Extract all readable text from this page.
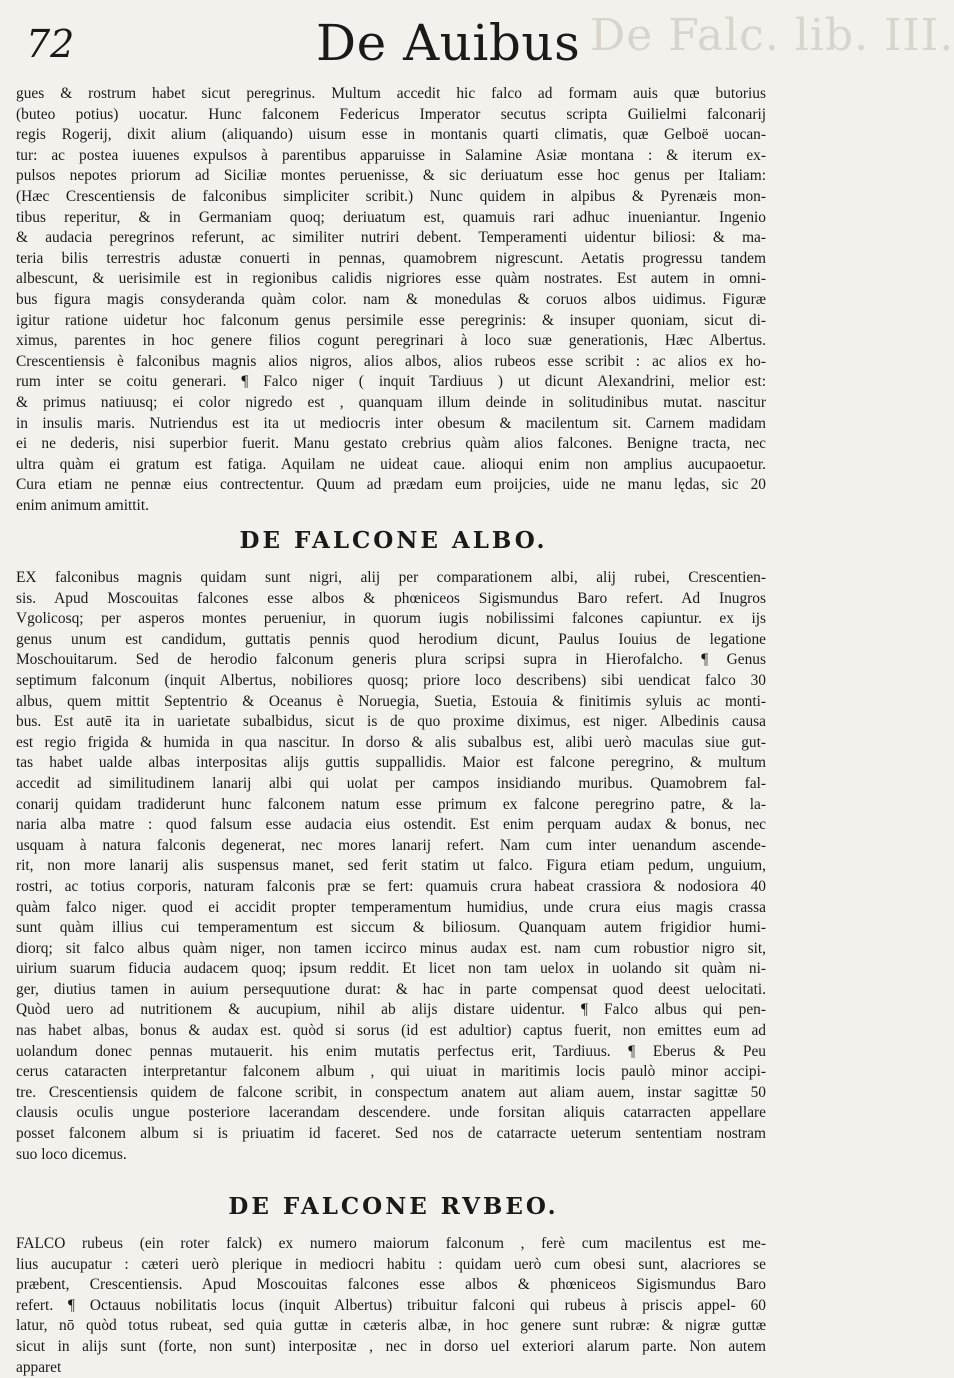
De Falc. lib. III.
72	De Auibus
gues & rostrum habet sicut peregrinus. Multum accedit hic falco ad formam auis quæ butorius
(buteo potius) uocatur. Hunc falconem Federicus Imperator secutus scripta Guilielmi falconarij
regis Rogerij, dixit alium (aliquando) uisum esse in montanis quarti climatis, quæ Gelboë uocan-
tur: ac postea iuuenes expulsos à parentibus apparuisse in Salamine Asiæ montana : & iterum ex-
pulsos nepotes priorum ad Siciliæ montes peruenisse, & sic deriuatum esse hoc genus per Italiam:
(Hæc Crescentiensis de falconibus simpliciter scribit.) Nunc quidem in alpibus & Pyrenæis mon-
tibus reperitur, & in Germaniam quoq; deriuatum est, quamuis rari adhuc inueniantur. Ingenio
& audacia peregrinos referunt, ac similiter nutriri debent. Temperamenti uidentur biliosi: & ma-
teria bilis terrestris adustæ conuerti in pennas, quamobrem nigrescunt. Aetatis progressu tandem
albescunt, & uerisimile est in regionibus calidis nigriores esse quàm nostrates. Est autem in omni-
bus figura magis consyderanda quàm color. nam & monedulas & coruos albos uidimus. Figuræ
igitur ratione uidetur hoc falconum genus persimile esse peregrinis: & insuper quoniam, sicut di-
ximus, parentes in hoc genere filios cogunt peregrinari à loco suæ generationis, Hæc Albertus.
Crescentiensis è falconibus magnis alios nigros, alios albos, alios rubeos esse scribit : ac alios ex ho-
rum inter se coitu generari. ¶ Falco niger ( inquit Tardiuus ) ut dicunt Alexandrini, melior est:
& primus natiuusq; ei color nigredo est , quanquam illum deinde in solitudinibus mutat. nascitur
in insulis maris. Nutriendus est ita ut mediocris inter obesum & macilentum sit. Carnem madidam
ei ne dederis, nisi superbior fuerit. Manu gestato crebrius quàm alios falcones. Benigne tracta, nec
ultra quàm ei gratum est fatiga. Aquilam ne uideat caue. alioqui enim non amplius aucupaoetur.
Cura etiam ne pennæ eius contrectentur. Quum ad prædam eum proijcies, uide ne manu lędas, sic 20
enim animum amittit.
DE FALCONE ALBO.
EX falconibus magnis quidam sunt nigri, alij per comparationem albi, alij rubei, Crescentien-
sis. Apud Moscouitas falcones esse albos & phœniceos Sigismundus Baro refert. Ad Inugros
Vgolicosq; per asperos montes perueniur, in quorum iugis nobilissimi falcones capiuntur. ex ijs
genus unum est candidum, guttatis pennis quod herodium dicunt, Paulus Iouius de legatione
Moschouitarum. Sed de herodio falconum generis plura scripsi supra in Hierofalcho. ¶ Genus
septimum falconum (inquit Albertus, nobiliores quosq; priore loco describens) sibi uendicat falco 30
albus, quem mittit Septentrio & Oceanus è Noruegia, Suetia, Estouia & finitimis syluis ac monti-
bus. Est autē ita in uarietate subalbidus, sicut is de quo proxime diximus, est niger. Albedinis causa
est regio frigida & humida in qua nascitur. In dorso & alis subalbus est, alibi uerò maculas siue gut-
tas habet ualde albas interpositas alijs guttis suppallidis. Maior est falcone peregrino, & multum
accedit ad similitudinem lanarij albi qui uolat per campos insidiando muribus. Quamobrem fal-
conarij quidam tradiderunt hunc falconem natum esse primum ex falcone peregrino patre, & la-
naria alba matre : quod falsum esse audacia eius ostendit. Est enim perquam audax & bonus, nec
usquam à natura falconis degenerat, nec mores lanarij refert. Nam cum inter uenandum ascende-
rit, non more lanarij alis suspensus manet, sed ferit statim ut falco. Figura etiam pedum, unguium,
rostri, ac totius corporis, naturam falconis præ se fert: quamuis crura habeat crassiora & nodosiora 40
quàm falco niger. quod ei accidit propter temperamentum humidius, unde crura eius magis crassa
sunt quàm illius cui temperamentum est siccum & biliosum. Quanquam autem frigidior humi-
diorq; sit falco albus quàm niger, non tamen iccirco minus audax est. nam cum robustior nigro sit,
uirium suarum fiducia audacem quoq; ipsum reddit. Et licet non tam uelox in uolando sit quàm ni-
ger, diutius tamen in auium persequutione durat: & hac in parte compensat quod deest uelocitati.
Quòd uero ad nutritionem & aucupium, nihil ab alijs distare uidentur. ¶ Falco albus qui pen-
nas habet albas, bonus & audax est. quòd si sorus (id est adultior) captus fuerit, non emittes eum ad
uolandum donec pennas mutauerit. his enim mutatis perfectus erit, Tardiuus. ¶ Eberus & Peu
cerus cataracten interpretantur falconem album , qui uiuat in maritimis locis paulò minor accipi-
tre. Crescentiensis quidem de falcone scribit, in conspectum anatem aut aliam auem, instar sagittæ 50
clausis oculis ungue posteriore lacerandam descendere. unde forsitan aliquis catarracten appellare
posset falconem album si is priuatim id faceret. Sed nos de catarracte ueterum sententiam nostram
suo loco dicemus.
DE FALCONE RVBEO.
FALCO rubeus (ein roter falck) ex numero maiorum falconum , ferè cum macilentus est me-
lius aucupatur : cæteri uerò plerique in mediocri habitu : quidam uerò cum obesi sunt, alacriores se
præbent, Crescentiensis. Apud Moscouitas falcones esse albos & phœniceos Sigismundus Baro
refert. ¶ Octauus nobilitatis locus (inquit Albertus) tribuitur falconi qui rubeus à priscis appel- 60
latur, nō quòd totus rubeat, sed quia guttæ in cæteris albæ, in hoc genere sunt rubræ: & nigræ guttæ
sicut in alijs sunt (forte, non sunt) interpositæ , nec in dorso uel exteriori alarum parte. Non autem
apparet
